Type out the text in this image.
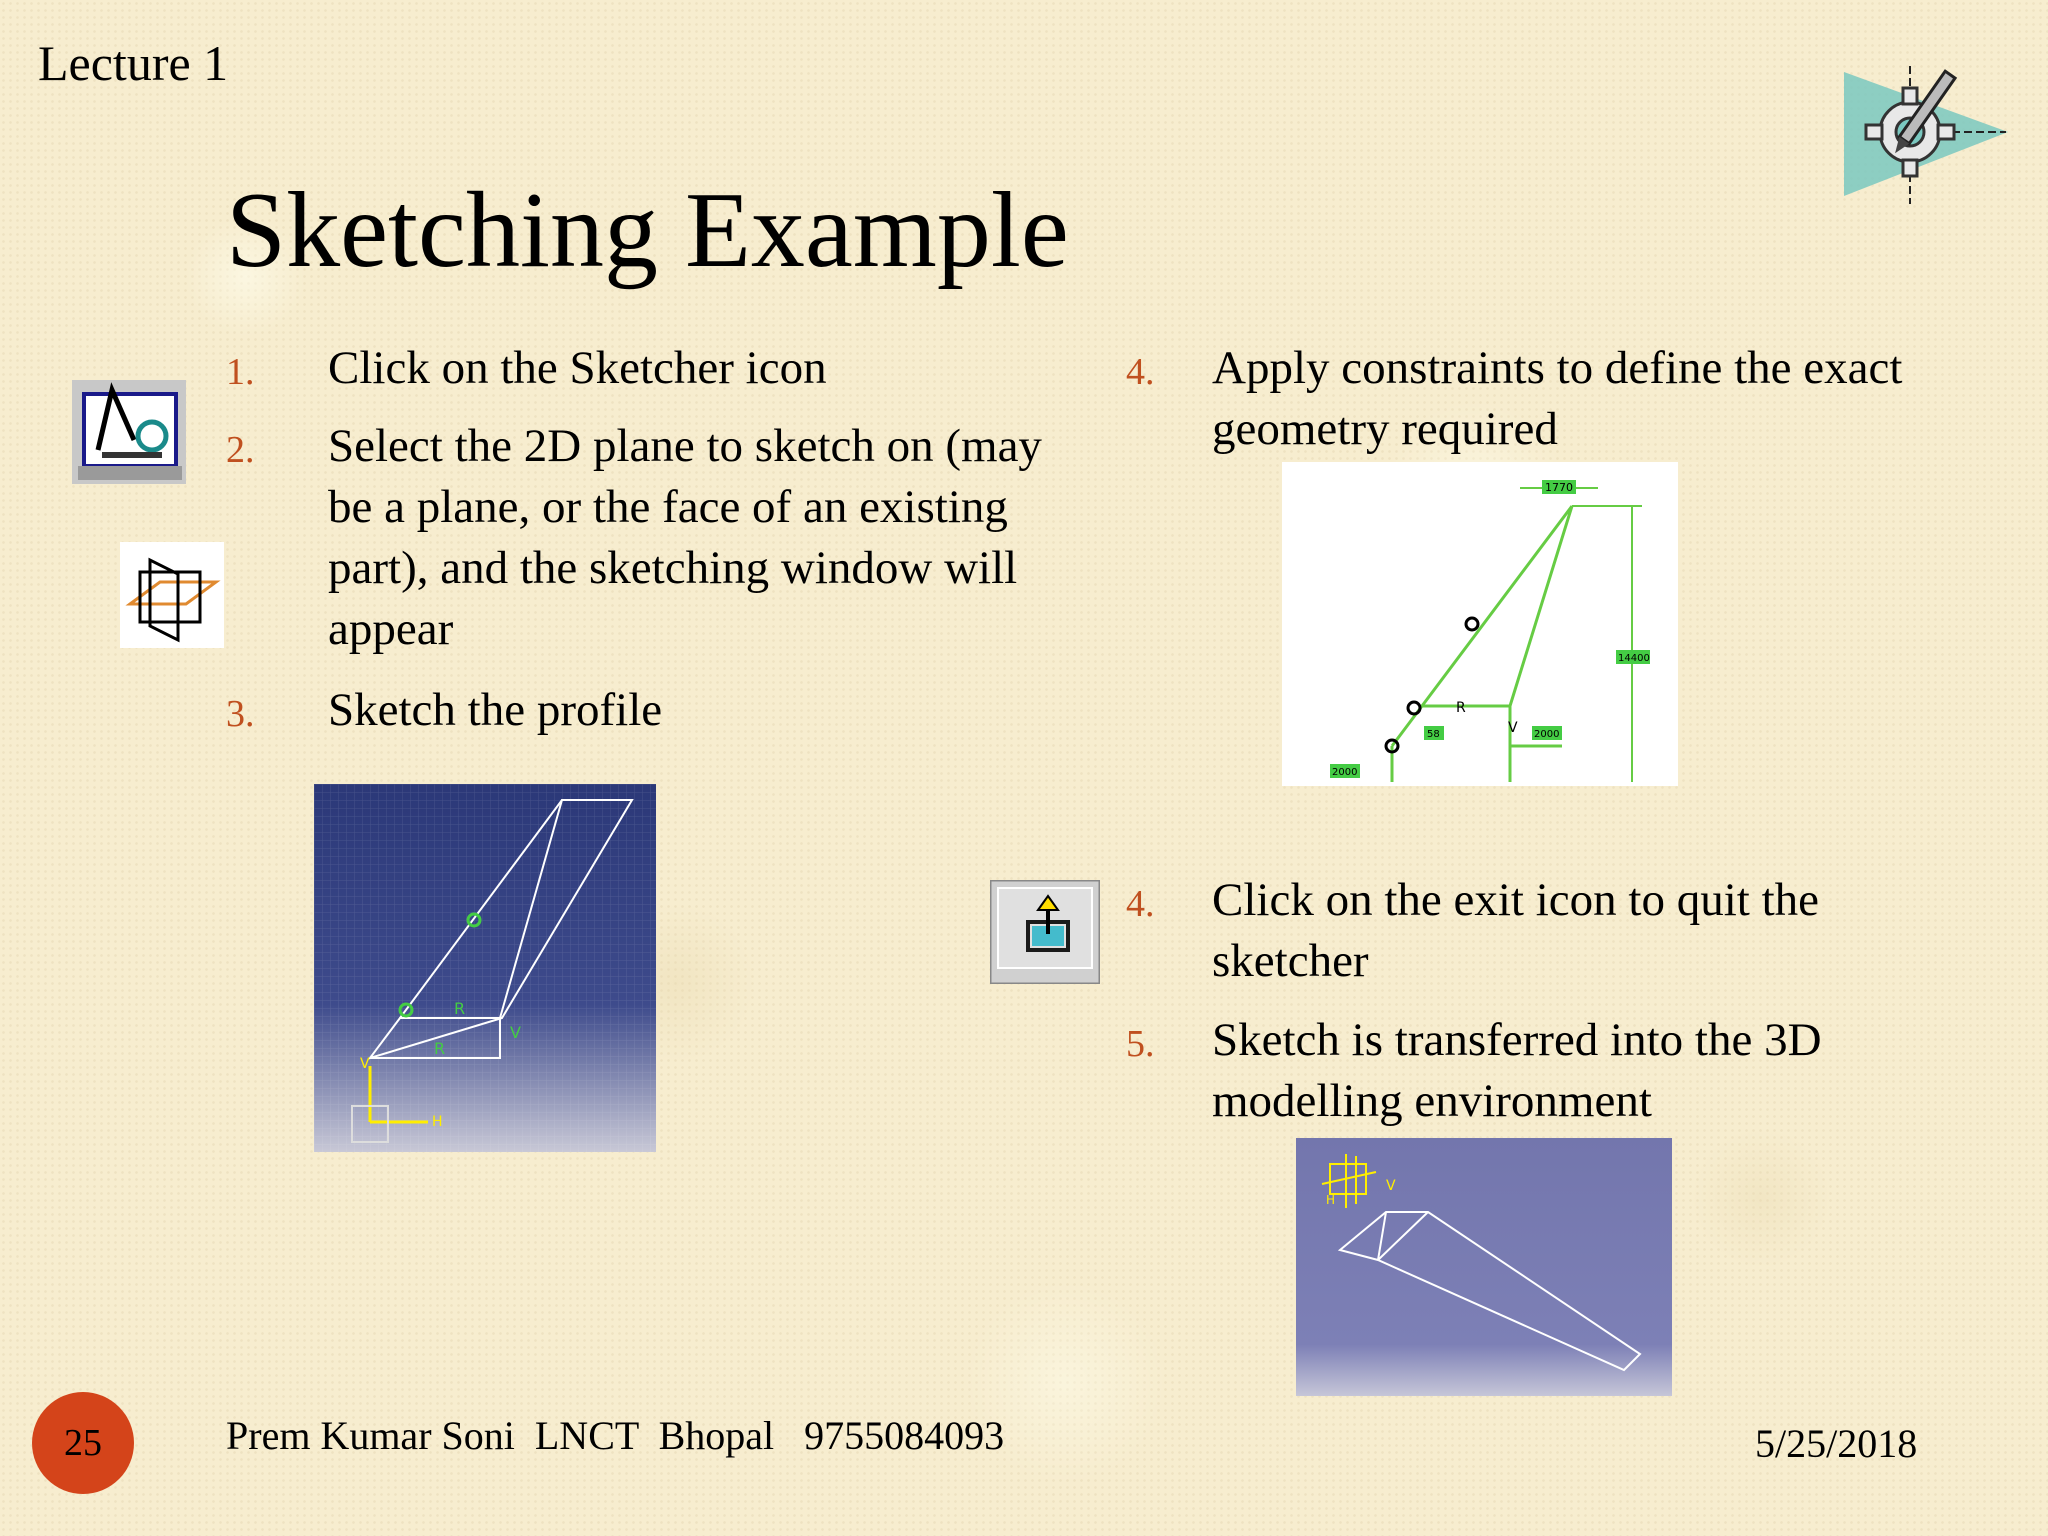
Lecture 1
Sketching Example
1. Click on the Sketcher icon
2. Select the 2D plane to sketch on (may be a plane, or the face of an existing part), and the sketching window will appear
3. Sketch the profile
R
R
V
H
V
4. Apply constraints to define the exact geometry required
1770
14400
58	2000
2000
R
V
4. Click on the exit icon to quit the sketcher
5. Sketch is transferred into the 3D modelling environment
V
H
25	Prem Kumar Soni  LNCT  Bhopal   9755084093	5/25/2018
